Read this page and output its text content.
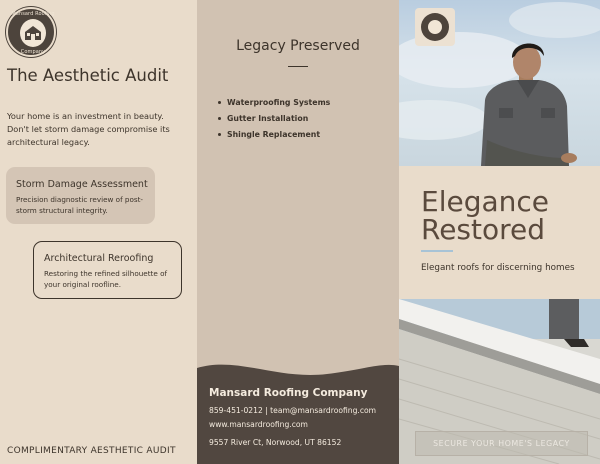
Mansard Roofing
Company
The Aesthetic Audit
Your home is an investment in beauty. Don't let storm damage compromise its architectural legacy.
Storm Damage Assessment
Precision diagnostic review of post-storm structural integrity.
Architectural Reroofing
Restoring the refined silhouette of your original roofline.
COMPLIMENTARY AESTHETIC AUDIT
Legacy Preserved
Waterproofing Systems
Gutter Installation
Shingle Replacement
Mansard Roofing Company
859-451-0212 | team@mansardroofing.com
www.mansardroofing.com
9557 River Ct, Norwood, UT 86152
Elegance
Restored
Elegant roofs for discerning homes
SECURE YOUR HOME'S LEGACY
